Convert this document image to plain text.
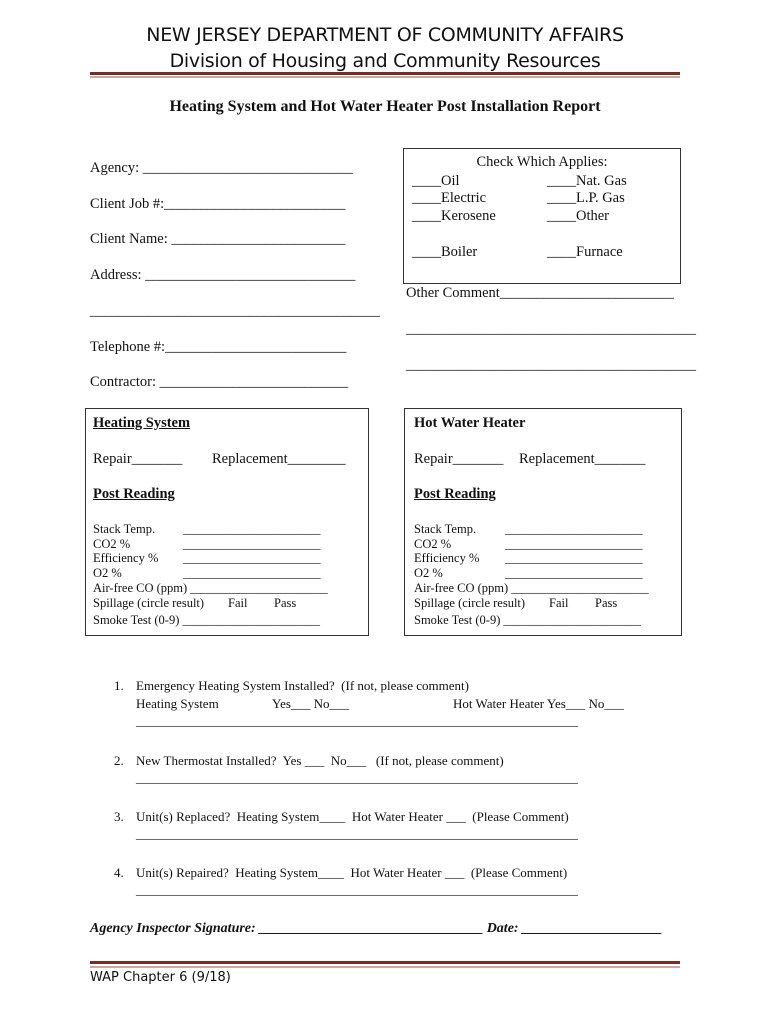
NEW JERSEY DEPARTMENT OF COMMUNITY AFFAIRS
Division of Housing and Community Resources
Heating System and Hot Water Heater Post Installation Report
Agency: _____________________________
Client Job #:_________________________
Client Name: ________________________
Address: _____________________________
________________________________________
Telephone #:_________________________
Contractor: __________________________
Check Which Applies:
____Oil	____Nat. Gas
____Electric	____L.P. Gas
____Kerosene	____Other
____Boiler	____Furnace
Other Comment________________________
________________________________________
________________________________________
Heating System
Repair_______ Replacement________
Post Reading
Stack Temp. ______________________
CO2 %	______________________
Efficiency % ______________________
O2 %	______________________
Air-free CO (ppm) ______________________
Spillage (circle result) Fail Pass
Smoke Test (0-9) ______________________
Hot Water Heater
Repair_______ Replacement_______
Post Reading
Stack Temp. ______________________
CO2 %	______________________
Efficiency % ______________________
O2 %	______________________
Air-free CO (ppm) ______________________
Spillage (circle result) Fail Pass
Smoke Test (0-9) ______________________
1. Emergency Heating System Installed?  (If not, please comment)
Heating System	Yes___ No___	Hot Water Heater Yes___ No___
____________________________________________________________________
2. New Thermostat Installed?  Yes ___  No___   (If not, please comment)
____________________________________________________________________
3. Unit(s) Replaced?  Heating System____  Hot Water Heater ___  (Please Comment)
____________________________________________________________________
4. Unit(s) Repaired?  Heating System____  Hot Water Heater ___  (Please Comment)
____________________________________________________________________
Agency Inspector Signature: ________________________________ Date: ____________________
WAP Chapter 6 (9/18)
